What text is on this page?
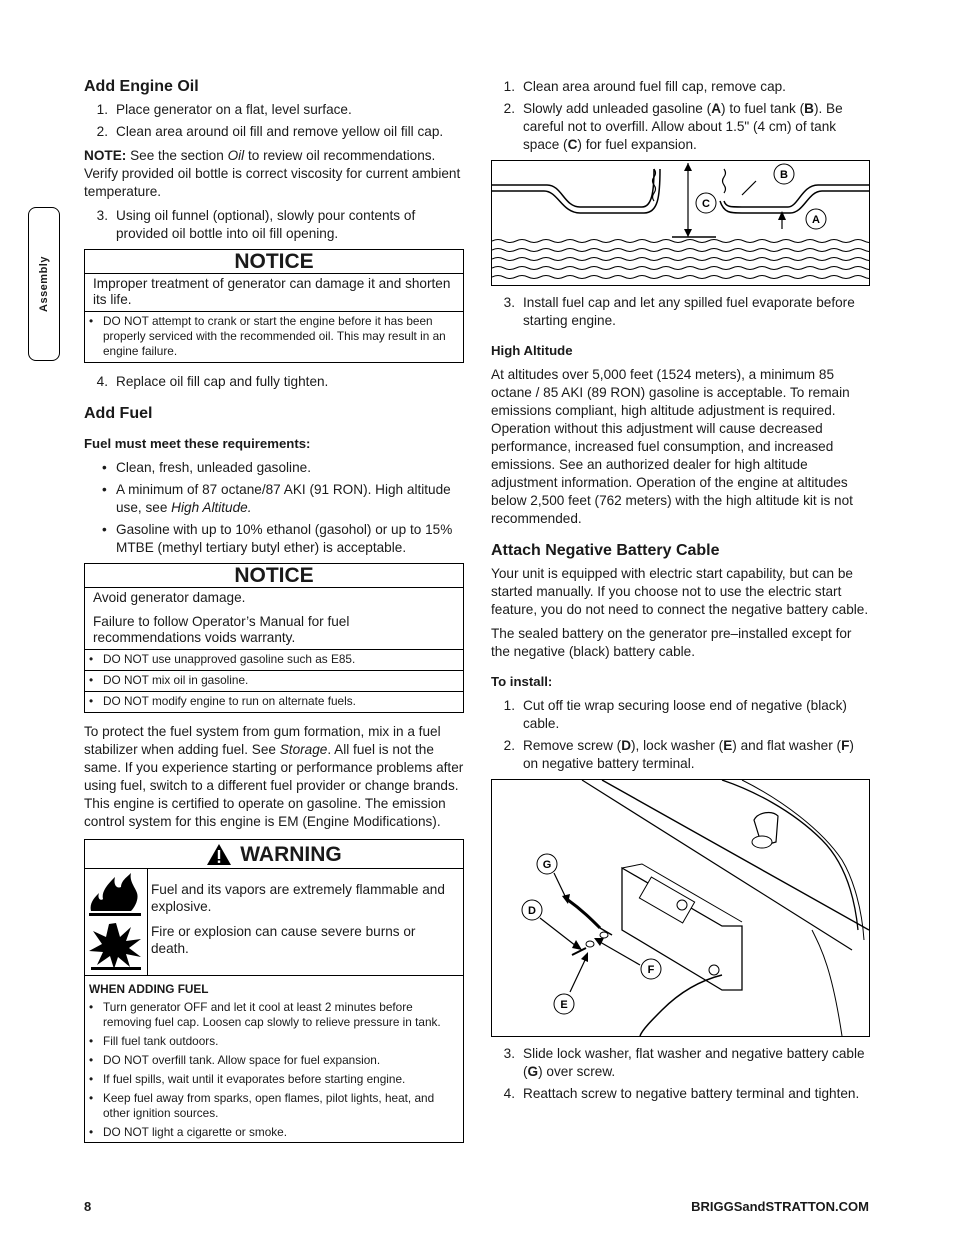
Assembly
Add Engine Oil
1. Place generator on a flat, level surface.
2. Clean area around oil fill and remove yellow oil fill cap.

NOTE: See the section Oil to review oil recommendations. Verify provided oil bottle is correct viscosity for current ambient temperature.

3. Using oil funnel (optional), slowly pour contents of provided oil bottle into oil fill opening.
NOTICE
Improper treatment of generator can damage it and shorten its life.
• DO NOT attempt to crank or start the engine before it has been properly serviced with the recommended oil. This may result in an engine failure.
4. Replace oil fill cap and fully tighten.
Add Fuel
Fuel must meet these requirements:
• Clean, fresh, unleaded gasoline.
• A minimum of 87 octane/87 AKI (91 RON). High altitude use, see High Altitude.
• Gasoline with up to 10% ethanol (gasohol) or up to 15% MTBE (methyl tertiary butyl ether) is acceptable.
NOTICE

Avoid generator damage.

Failure to follow Operator’s Manual for fuel recommendations voids warranty.

• DO NOT use unapproved gasoline such as E85.
• DO NOT mix oil in gasoline.
• DO NOT modify engine to run on alternate fuels.

To protect the fuel system from gum formation, mix in a fuel stabilizer when adding fuel. See Storage. All fuel is not the same. If you experience starting or performance problems after using fuel, switch to a different fuel provider or change brands. This engine is certified to operate on gasoline. The emission control system for this engine is EM (Engine Modifications).

WARNING

Fuel and its vapors are extremely flammable and explosive.

Fire or explosion can cause severe burns or death.

WHEN ADDING FUEL
• Turn generator OFF and let it cool at least 2 minutes before removing fuel cap. Loosen cap slowly to relieve pressure in tank.
• Fill fuel tank outdoors.
• DO NOT overfill tank. Allow space for fuel expansion.
• If fuel spills, wait until it evaporates before starting engine.
• Keep fuel away from sparks, open flames, pilot lights, heat, and other ignition sources.
• DO NOT light a cigarette or smoke.
1. Clean area around fuel fill cap, remove cap.
2. Slowly add unleaded gasoline (A) to fuel tank (B). Be careful not to overfill. Allow about 1.5" (4 cm) of tank space (C) for fuel expansion.
C
B
A
3. Install fuel cap and let any spilled fuel evaporate before starting engine.
High Altitude

At altitudes over 5,000 feet (1524 meters), a minimum 85 octane / 85 AKI (89 RON) gasoline is acceptable. To remain emissions compliant, high altitude adjustment is required. Operation without this adjustment will cause decreased performance, increased fuel consumption, and increased emissions. See an authorized dealer for high altitude adjustment information. Operation of the engine at altitudes below 2,500 feet (762 meters) with the high altitude kit is not recommended.

Attach Negative Battery Cable

Your unit is equipped with electric start capability, but can be started manually. If you choose not to use the electric start feature, you do not need to connect the negative battery cable.

The sealed battery on the generator pre–installed except for the negative (black) battery cable.

To install:
1. Cut off tie wrap securing loose end of negative (black) cable.
2. Remove screw (D), lock washer (E) and flat washer (F) on negative battery terminal.
G
D
F
E
3. Slide lock washer, flat washer and negative battery cable (G) over screw.
4. Reattach screw to negative battery terminal and tighten.
8	BRIGGSandSTRATTON.COM
